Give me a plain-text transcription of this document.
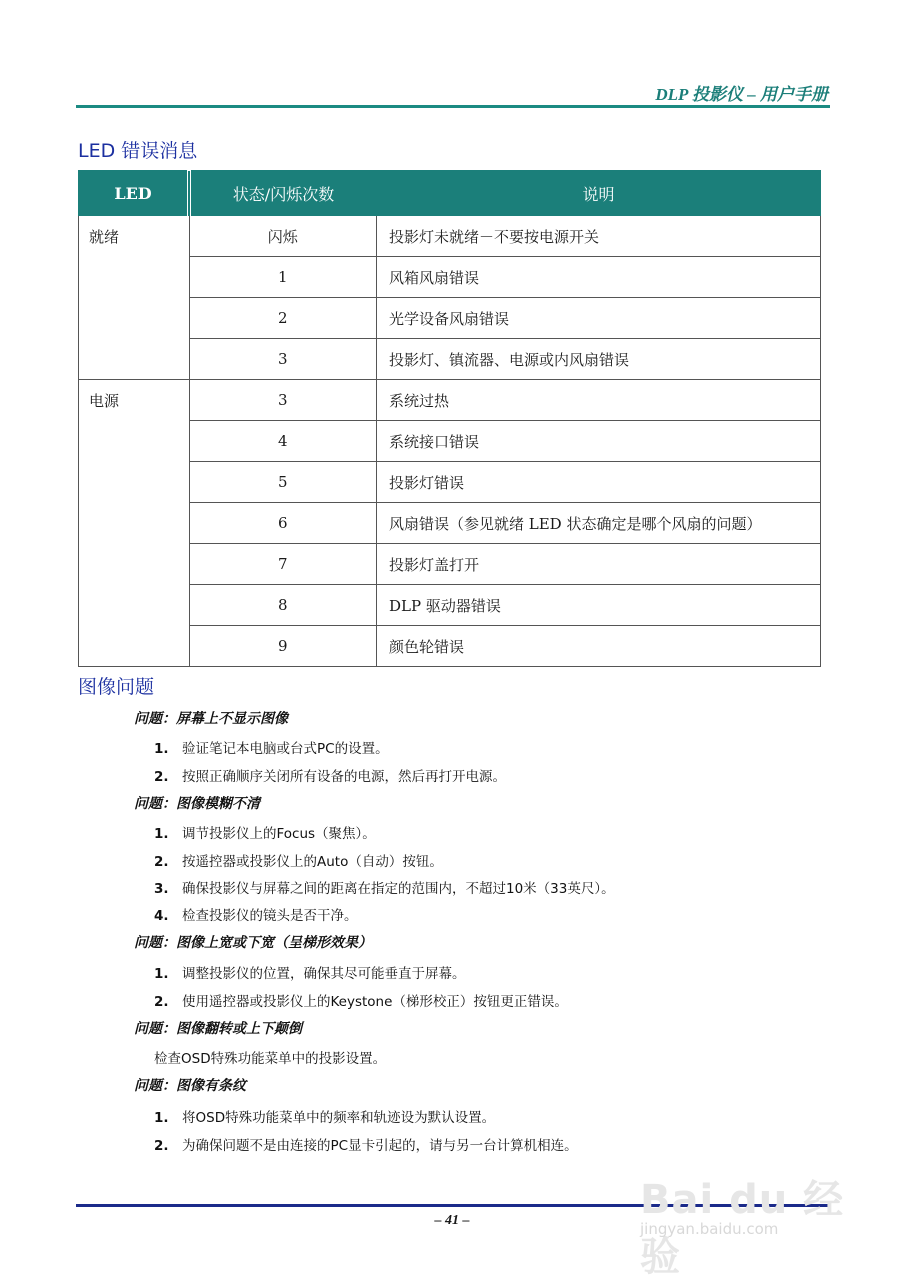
DLP 投影仪 – 用户手册
LED 错误消息
LED	状态/闪烁次数	说明
就绪	闪烁	投影灯未就绪－不要按电源开关
	1	风箱风扇错误
	2	光学设备风扇错误
	3	投影灯、镇流器、电源或内风扇错误
电源	3	系统过热
	4	系统接口错误
	5	投影灯错误
	6	风扇错误（参见就绪 LED 状态确定是哪个风扇的问题）
	7	投影灯盖打开
	8	DLP 驱动器错误
	9	颜色轮错误
图像问题
问题：屏幕上不显示图像
1. 验证笔记本电脑或台式PC的设置。
2. 按照正确顺序关闭所有设备的电源，然后再打开电源。
问题：图像模糊不清
1. 调节投影仪上的Focus（聚焦）。
2. 按遥控器或投影仪上的Auto（自动）按钮。
3. 确保投影仪与屏幕之间的距离在指定的范围内，不超过10米（33英尺）。
4. 检查投影仪的镜头是否干净。
问题：图像上宽或下宽（呈梯形效果）
1. 调整投影仪的位置，确保其尽可能垂直于屏幕。
2. 使用遥控器或投影仪上的Keystone（梯形校正）按钮更正错误。
问题：图像翻转或上下颠倒
检查OSD特殊功能菜单中的投影设置。
问题：图像有条纹
1. 将OSD特殊功能菜单中的频率和轨迹设为默认设置。
2. 为确保问题不是由连接的PC显卡引起的，请与另一台计算机相连。
– 41 –	Bai du 经验
jingyan.baidu.com
